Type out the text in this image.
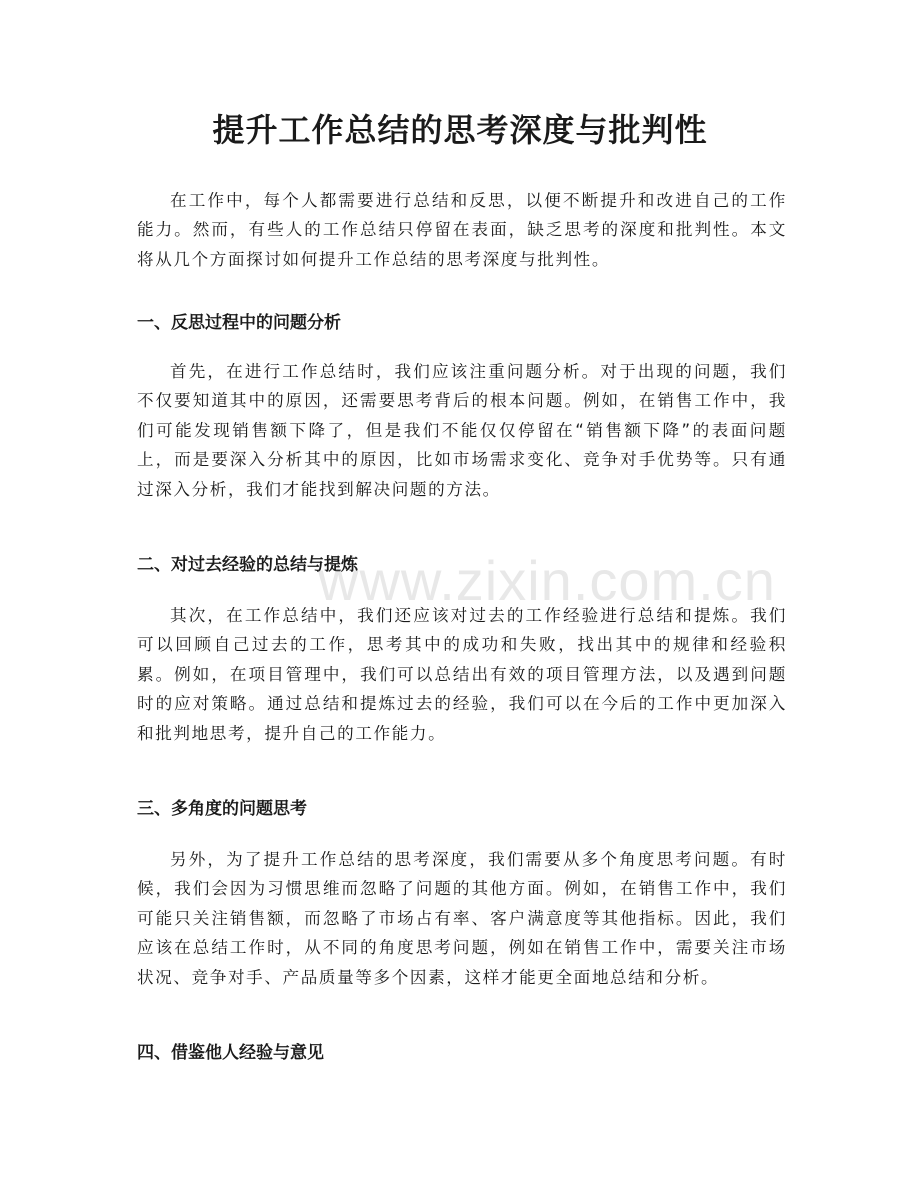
提升工作总结的思考深度与批判性

在工作中，每个人都需要进行总结和反思，以便不断提升和改进自己的工作能力。然而，有些人的工作总结只停留在表面，缺乏思考的深度和批判性。本文将从几个方面探讨如何提升工作总结的思考深度与批判性。

一、反思过程中的问题分析

首先，在进行工作总结时，我们应该注重问题分析。对于出现的问题，我们不仅要知道其中的原因，还需要思考背后的根本问题。例如，在销售工作中，我们可能发现销售额下降了，但是我们不能仅仅停留在“销售额下降”的表面问题上，而是要深入分析其中的原因，比如市场需求变化、竞争对手优势等。只有通过深入分析，我们才能找到解决问题的方法。

二、对过去经验的总结与提炼

其次，在工作总结中，我们还应该对过去的工作经验进行总结和提炼。我们可以回顾自己过去的工作，思考其中的成功和失败，找出其中的规律和经验积累。例如，在项目管理中，我们可以总结出有效的项目管理方法，以及遇到问题时的应对策略。通过总结和提炼过去的经验，我们可以在今后的工作中更加深入和批判地思考，提升自己的工作能力。

三、多角度的问题思考

另外，为了提升工作总结的思考深度，我们需要从多个角度思考问题。有时候，我们会因为习惯思维而忽略了问题的其他方面。例如，在销售工作中，我们可能只关注销售额，而忽略了市场占有率、客户满意度等其他指标。因此，我们应该在总结工作时，从不同的角度思考问题，例如在销售工作中，需要关注市场状况、竞争对手、产品质量等多个因素，这样才能更全面地总结和分析。

四、借鉴他人经验与意见
www.zixin.com.cn
